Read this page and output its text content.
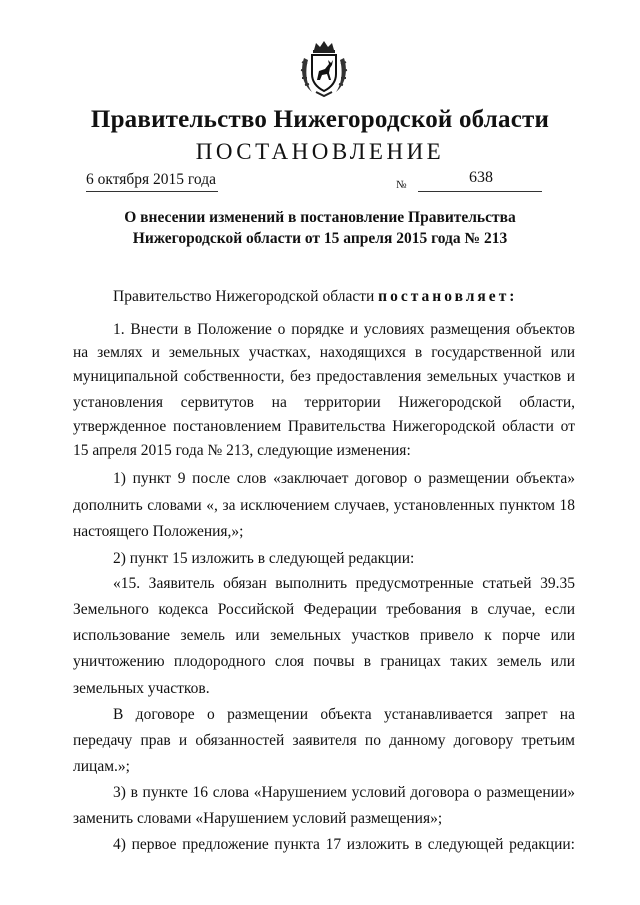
Правительство Нижегородской области
ПОСТАНОВЛЕНИЕ
6 октября 2015 года	№	638
О внесении изменений в постановление Правительства
Нижегородской области от 15 апреля 2015 года № 213
Правительство Нижегородской области постановляет:
1. Внести в Положение о порядке и условиях размещения объектов
на землях и земельных участках, находящихся в государственной или
муниципальной собственности, без предоставления земельных участков и
установления сервитутов на территории Нижегородской области,
утвержденное постановлением Правительства Нижегородской области от
15 апреля 2015 года № 213, следующие изменения:
1) пункт 9 после слов «заключает договор о размещении объекта»
дополнить словами «, за исключением случаев, установленных пунктом 18
настоящего Положения,»;
2) пункт 15 изложить в следующей редакции:
«15. Заявитель обязан выполнить предусмотренные статьей 39.35
Земельного кодекса Российской Федерации требования в случае, если
использование земель или земельных участков привело к порче или
уничтожению плодородного слоя почвы в границах таких земель или
земельных участков.
В договоре о размещении объекта устанавливается запрет на
передачу прав и обязанностей заявителя по данному договору третьим
лицам.»;
3) в пункте 16 слова «Нарушением условий договора о размещении»
заменить словами «Нарушением условий размещения»;
4) первое предложение пункта 17 изложить в следующей редакции:
